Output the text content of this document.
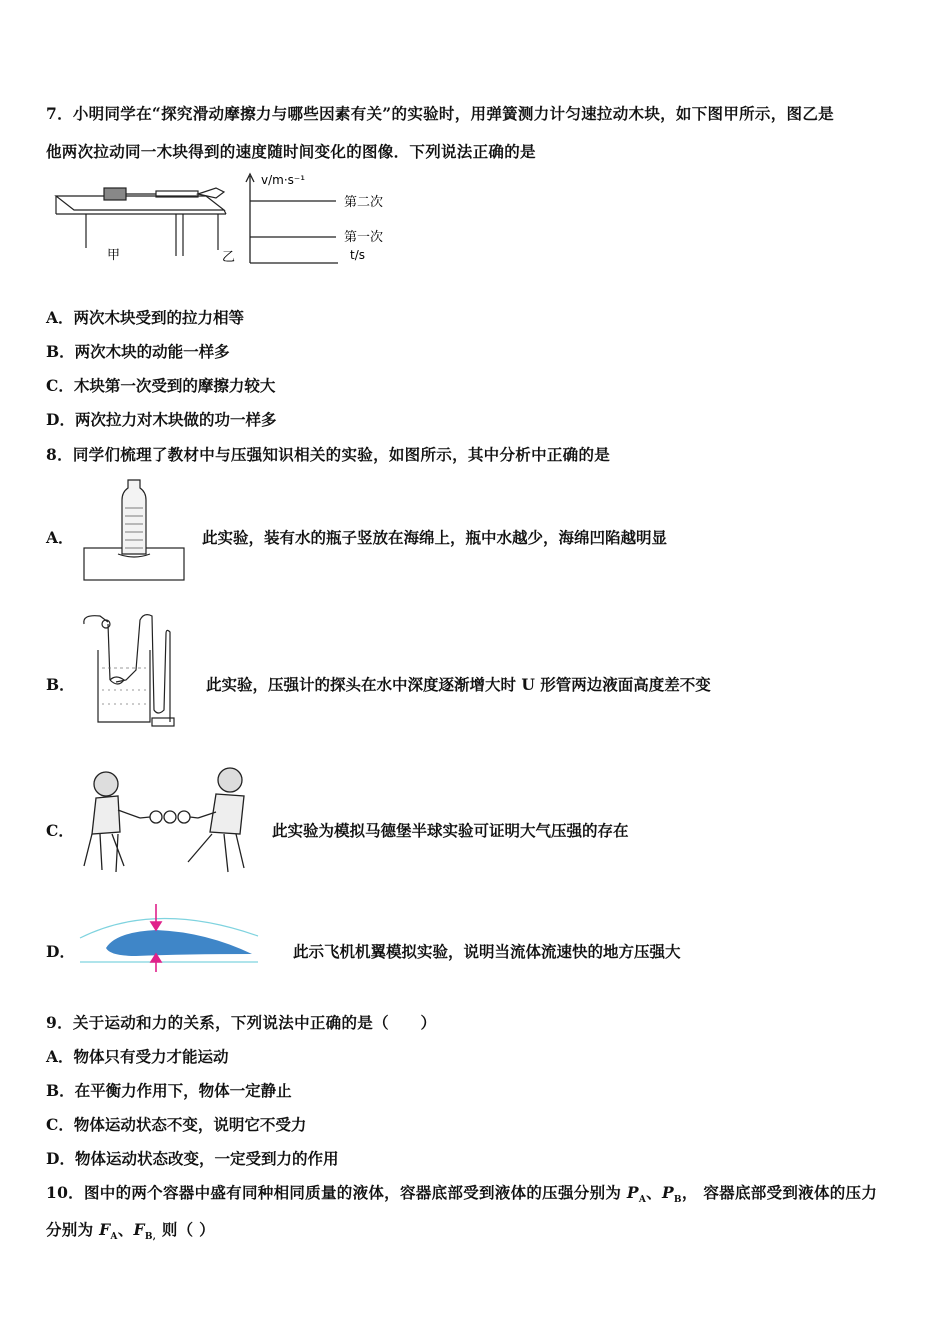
7．小明同学在“探究滑动摩擦力与哪些因素有关”的实验时，用弹簧测力计匀速拉动木块，如下图甲所示，图乙是
他两次拉动同一木块得到的速度随时间变化的图像．下列说法正确的是
甲	乙
v/m·s⁻¹
第二次
第一次
t/s
A．两次木块受到的拉力相等
B．两次木块的动能一样多
C．木块第一次受到的摩擦力较大
D．两次拉力对木块做的功一样多
8．同学们梳理了教材中与压强知识相关的实验，如图所示，其中分析中正确的是
A．	此实验，装有水的瓶子竖放在海绵上，瓶中水越少，海绵凹陷越明显
B．	此实验，压强计的探头在水中深度逐渐增大时 U 形管两边液面高度差不变
C．	此实验为模拟马德堡半球实验可证明大气压强的存在
D．	此示飞机机翼模拟实验，说明当流体流速快的地方压强大
9．关于运动和力的关系，下列说法中正确的是（　　）
A．物体只有受力才能运动
B．在平衡力作用下，物体一定静止
C．物体运动状态不变，说明它不受力
D．物体运动状态改变，一定受到力的作用
10．图中的两个容器中盛有同种相同质量的液体，容器底部受到液体的压强分别为 $P_A$、$P_B$， 容器底部受到液体的压力
分别为 $F_A$、$F_{B,}$ 则（ ）
